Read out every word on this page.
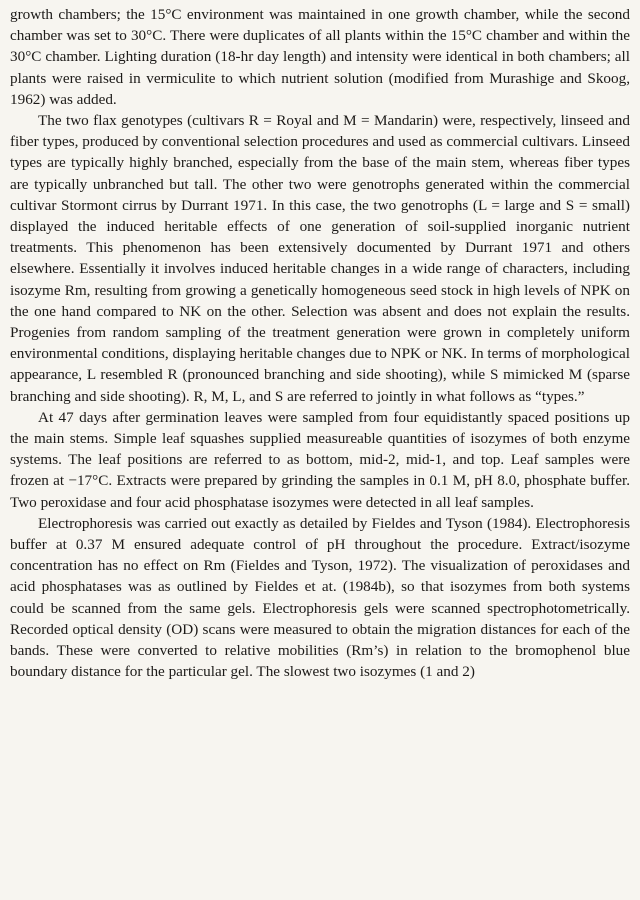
growth chambers; the 15°C environment was maintained in one growth chamber, while the second chamber was set to 30°C. There were duplicates of all plants within the 15°C chamber and within the 30°C chamber. Lighting duration (18-hr day length) and intensity were identical in both chambers; all plants were raised in vermiculite to which nutrient solution (modified from Murashige and Skoog, 1962) was added.

The two flax genotypes (cultivars R = Royal and M = Mandarin) were, respectively, linseed and fiber types, produced by conventional selection procedures and used as commercial cultivars. Linseed types are typically highly branched, especially from the base of the main stem, whereas fiber types are typically unbranched but tall. The other two were genotrophs generated within the commercial cultivar Stormont cirrus by Durrant 1971. In this case, the two genotrophs (L = large and S = small) displayed the induced heritable effects of one generation of soil-supplied inorganic nutrient treatments. This phenomenon has been extensively documented by Durrant 1971 and others elsewhere. Essentially it involves induced heritable changes in a wide range of characters, including isozyme Rm, resulting from growing a genetically homogeneous seed stock in high levels of NPK on the one hand compared to NK on the other. Selection was absent and does not explain the results. Progenies from random sampling of the treatment generation were grown in completely uniform environmental conditions, displaying heritable changes due to NPK or NK. In terms of morphological appearance, L resembled R (pronounced branching and side shooting), while S mimicked M (sparse branching and side shooting). R, M, L, and S are referred to jointly in what follows as “types.”

At 47 days after germination leaves were sampled from four equidistantly spaced positions up the main stems. Simple leaf squashes supplied measureable quantities of isozymes of both enzyme systems. The leaf positions are referred to as bottom, mid-2, mid-1, and top. Leaf samples were frozen at −17°C. Extracts were prepared by grinding the samples in 0.1 M, pH 8.0, phosphate buffer. Two peroxidase and four acid phosphatase isozymes were detected in all leaf samples.

Electrophoresis was carried out exactly as detailed by Fieldes and Tyson (1984). Electrophoresis buffer at 0.37 M ensured adequate control of pH throughout the procedure. Extract/isozyme concentration has no effect on Rm (Fieldes and Tyson, 1972). The visualization of peroxidases and acid phosphatases was as outlined by Fieldes et at. (1984b), so that isozymes from both systems could be scanned from the same gels. Electrophoresis gels were scanned spectrophotometrically. Recorded optical density (OD) scans were measured to obtain the migration distances for each of the bands. These were converted to relative mobilities (Rm’s) in relation to the bromophenol blue boundary distance for the particular gel. The slowest two isozymes (1 and 2)
